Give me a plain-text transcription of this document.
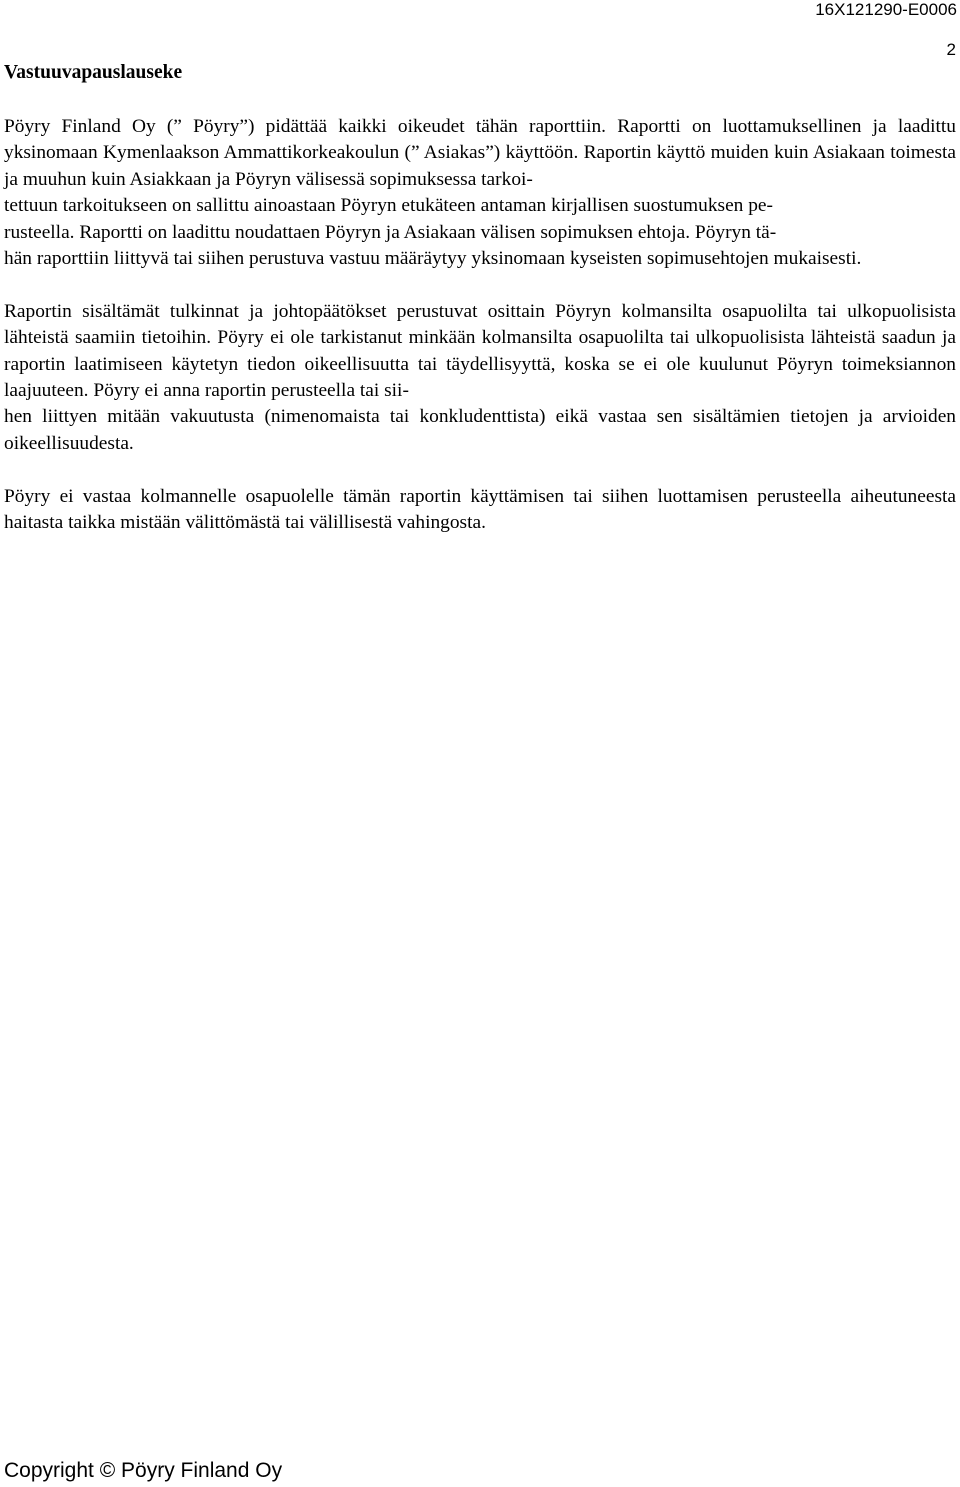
16X121290-E0006
2
Vastuuvapauslauseke

Pöyry Finland Oy (” Pöyry”) pidättää kaikki oikeudet tähän raporttiin. Raportti on luottamuksellinen ja laadittu yksinomaan Kymenlaakson Ammattikorkeakoulun (” Asiakas”) käyttöön. Raportin käyttö muiden kuin Asiakaan toimesta ja muuhun kuin Asiakkaan ja Pöyryn välisessä sopimuksessa tarkoi-
tettuun tarkoitukseen on sallittu ainoastaan Pöyryn etukäteen antaman kirjallisen suostumuksen pe-
rusteella. Raportti on laadittu noudattaen Pöyryn ja Asiakaan välisen sopimuksen ehtoja. Pöyryn tä-
hän raporttiin liittyvä tai siihen perustuva vastuu määräytyy yksinomaan kyseisten sopimusehtojen mukaisesti.

Raportin sisältämät tulkinnat ja johtopäätökset perustuvat osittain Pöyryn kolmansilta osapuolilta tai ulkopuolisista lähteistä saamiin tietoihin. Pöyry ei ole tarkistanut minkään kolmansilta osapuolilta tai ulkopuolisista lähteistä saadun ja raportin laatimiseen käytetyn tiedon oikeellisuutta tai täydellisyyttä, koska se ei ole kuulunut Pöyryn toimeksiannon laajuuteen. Pöyry ei anna raportin perusteella tai sii-
hen liittyen mitään vakuutusta (nimenomaista tai konkludenttista) eikä vastaa sen sisältämien tietojen ja arvioiden oikeellisuudesta.

Pöyry ei vastaa kolmannelle osapuolelle tämän raportin käyttämisen tai siihen luottamisen perusteella aiheutuneesta haitasta taikka mistään välittömästä tai välillisestä vahingosta.

Copyright © Pöyry Finland Oy
